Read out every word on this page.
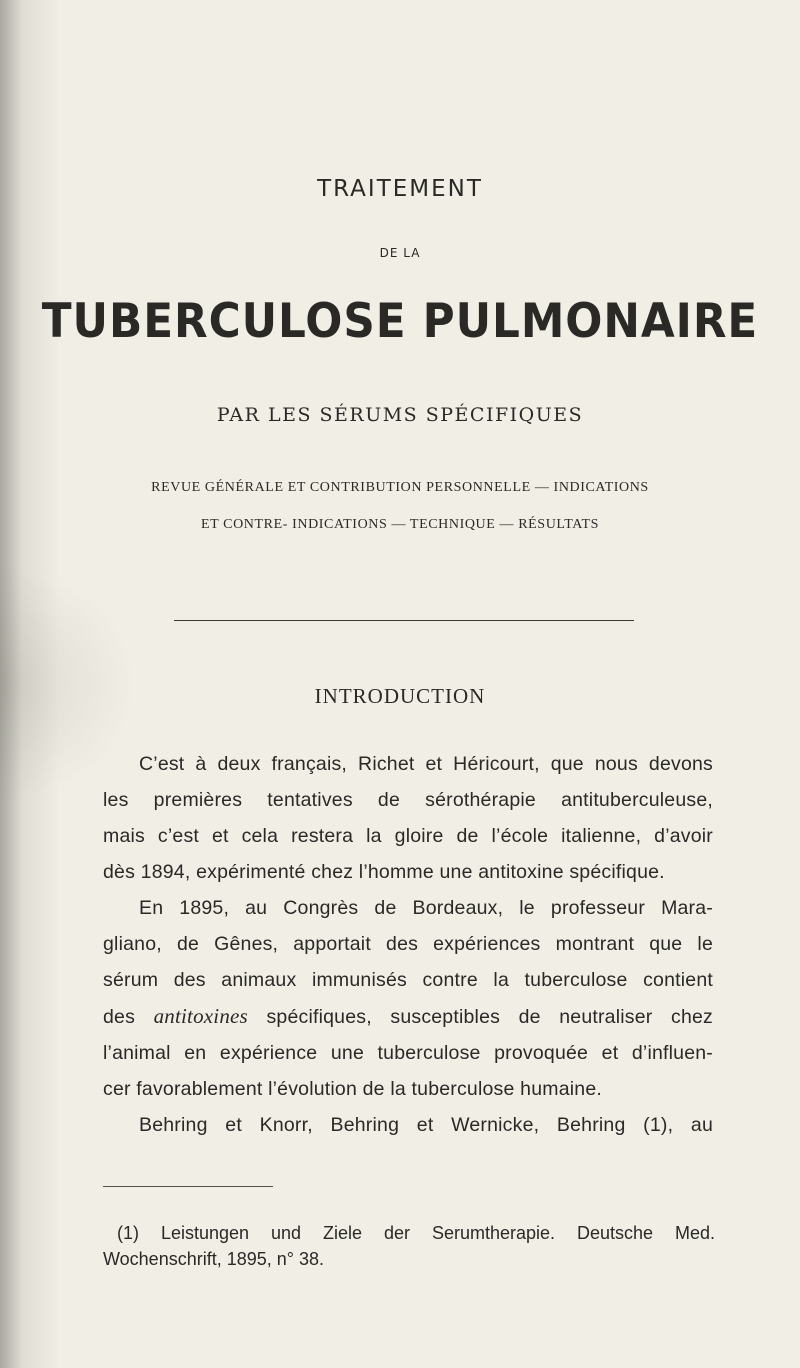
TRAITEMENT
DE LA
TUBERCULOSE PULMONAIRE
PAR LES SÉRUMS SPÉCIFIQUES
REVUE GÉNÉRALE ET CONTRIBUTION PERSONNELLE — INDICATIONS
ET CONTRE- INDICATIONS — TECHNIQUE — RÉSULTATS
INTRODUCTION
C’est à deux français, Richet et Héricourt, que nous devons
les premières tentatives de sérothérapie antituberculeuse,
mais c’est et cela restera la gloire de l’école italienne, d’avoir
dès 1894, expérimenté chez l’homme une antitoxine spécifique.
En 1895, au Congrès de Bordeaux, le professeur Mara-
gliano, de Gênes, apportait des expériences montrant que le
sérum des animaux immunisés contre la tuberculose contient
des antitoxines spécifiques, susceptibles de neutraliser chez
l’animal en expérience une tuberculose provoquée et d’influen-
cer favorablement l’évolution de la tuberculose humaine.
Behring et Knorr, Behring et Wernicke, Behring (1), au
(1) Leistungen und Ziele der Serumtherapie. Deutsche Med.
Wochenschrift, 1895, n° 38.
